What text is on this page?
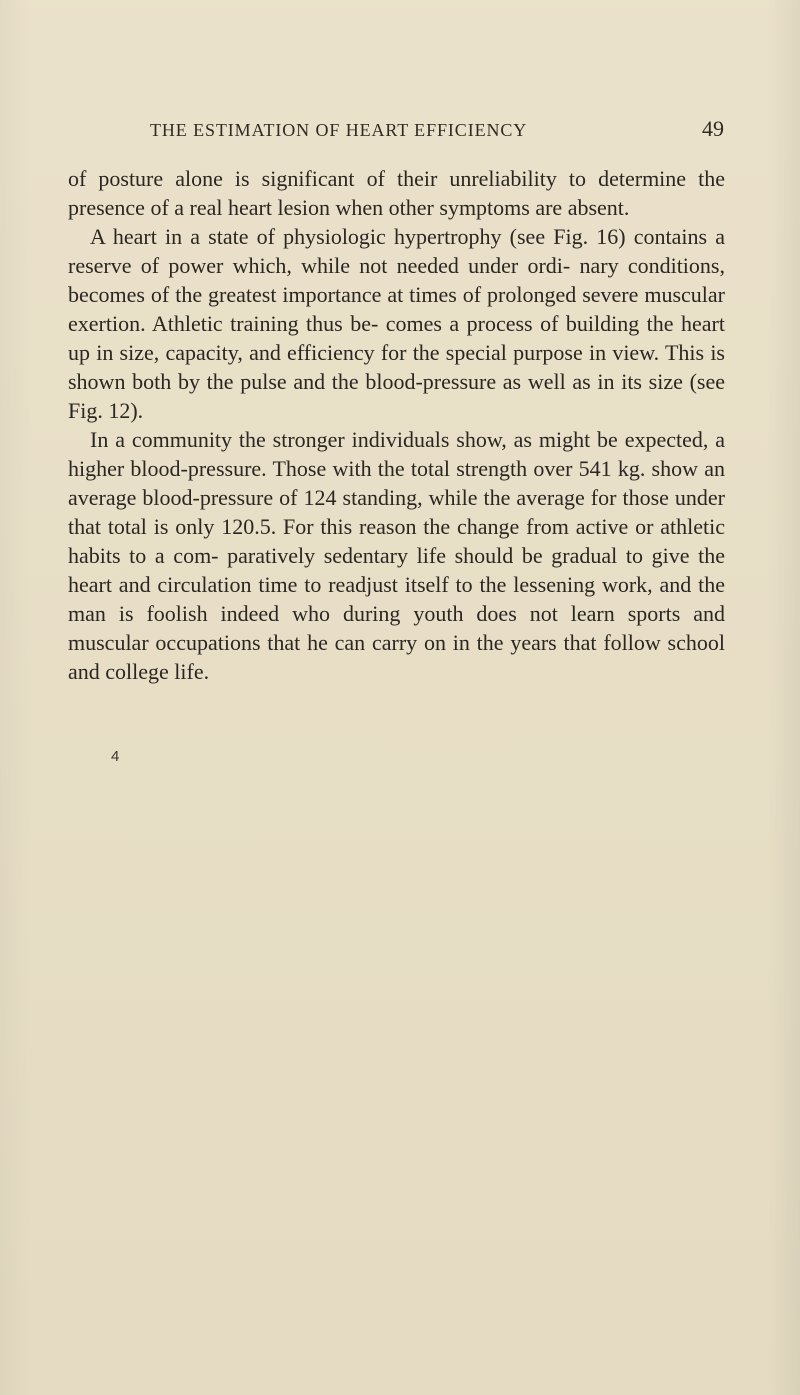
THE ESTIMATION OF HEART EFFICIENCY	49

of posture alone is significant of their unreliability to determine the presence of a real heart lesion when other symptoms are absent.

A heart in a state of physiologic hypertrophy (see Fig. 16) contains a reserve of power which, while not needed under ordi- nary conditions, becomes of the greatest importance at times of prolonged severe muscular exertion. Athletic training thus be- comes a process of building the heart up in size, capacity, and efficiency for the special purpose in view. This is shown both by the pulse and the blood-pressure as well as in its size (see Fig. 12).

In a community the stronger individuals show, as might be expected, a higher blood-pressure. Those with the total strength over 541 kg. show an average blood-pressure of 124 standing, while the average for those under that total is only 120.5. For this reason the change from active or athletic habits to a com- paratively sedentary life should be gradual to give the heart and circulation time to readjust itself to the lessening work, and the man is foolish indeed who during youth does not learn sports and muscular occupations that he can carry on in the years that follow school and college life.

4
